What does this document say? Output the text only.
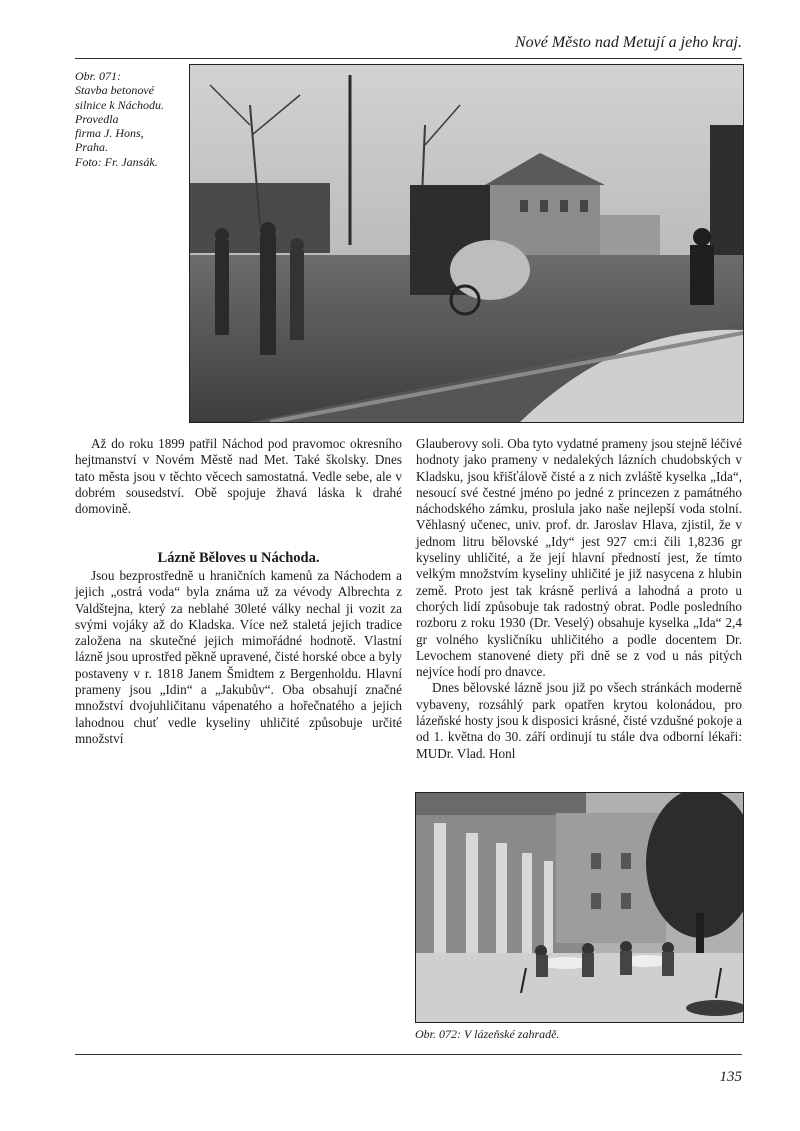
Nové Město nad Metují a jeho kraj.
Obr. 071:
Stavba betonové
silnice k Náchodu.
Provedla
firma J. Hons,
Praha.
Foto: Fr. Jansák.

Až do roku 1899 patřil Náchod pod pravomoc okresního hejtmanství v Novém Městě nad Met. Také školsky. Dnes tato města jsou v těchto věcech samostatná. Vedle sebe, ale v dobrém sousedství. Obě spojuje žhavá láska k drahé domovině.

Lázně Běloves u Náchoda.

Jsou bezprostředně u hraničních kamenů za Náchodem a jejich „ostrá voda“ byla známa už za vévody Albrechta z Valdštejna, který za neblahé 30leté války nechal ji vozit za svými vojáky až do Kladska. Více než staletá jejich tradice založena na skutečné jejich mimořádné hodnotě. Vlastní lázně jsou uprostřed pěkně upravené, čisté horské obce a byly postaveny v r. 1818 Janem Šmidtem z Bergenholdu. Hlavní prameny jsou „Idin“ a „Jakubův“. Oba obsahují značné množství dvojuhličitanu vápenatého a hořečnatého a jejich lahodnou chuť vedle kyseliny uhličité způsobuje určité množství

Glauberovy soli. Oba tyto vydatné prameny jsou stejně léčivé hodnoty jako prameny v nedalekých lázních chudobských v Kladsku, jsou křišťálově čisté a z nich zvláště kyselka „Ida“, nesoucí své čestné jméno po jedné z princezen z památného náchodského zámku, proslula jako naše nejlepší voda stolní. Věhlasný učenec, univ. prof. dr. Jaroslav Hlava, zjistil, že v jednom litru bělovské „Idy“ jest 927 cm:i čili 1,8236 gr kyseliny uhličité, a že její hlavní předností jest, že tímto velkým množstvím kyseliny uhličité je již nasycena z hlubin země. Proto jest tak krásně perlivá a lahodná a proto u chorých lidí způsobuje tak radostný obrat. Podle posledního rozboru z roku 1930 (Dr. Veselý) obsahuje kyselka „Ida“ 2,4 gr volného kysličníku uhličitého a podle docentem Dr. Levochem stanovené diety při dně se z vod u nás pitých nejvíce hodí pro dnavce.

Dnes bělovské lázně jsou již po všech stránkách moderně vybaveny, rozsáhlý park opatřen krytou kolonádou, pro lázeňské hosty jsou k disposici krásné, čisté vzdušné pokoje a od 1. května do 30. září ordinují tu stále dva odborní lékaři: MUDr. Vlad. Honl

Obr. 072: V lázeňské zahradě.
135
